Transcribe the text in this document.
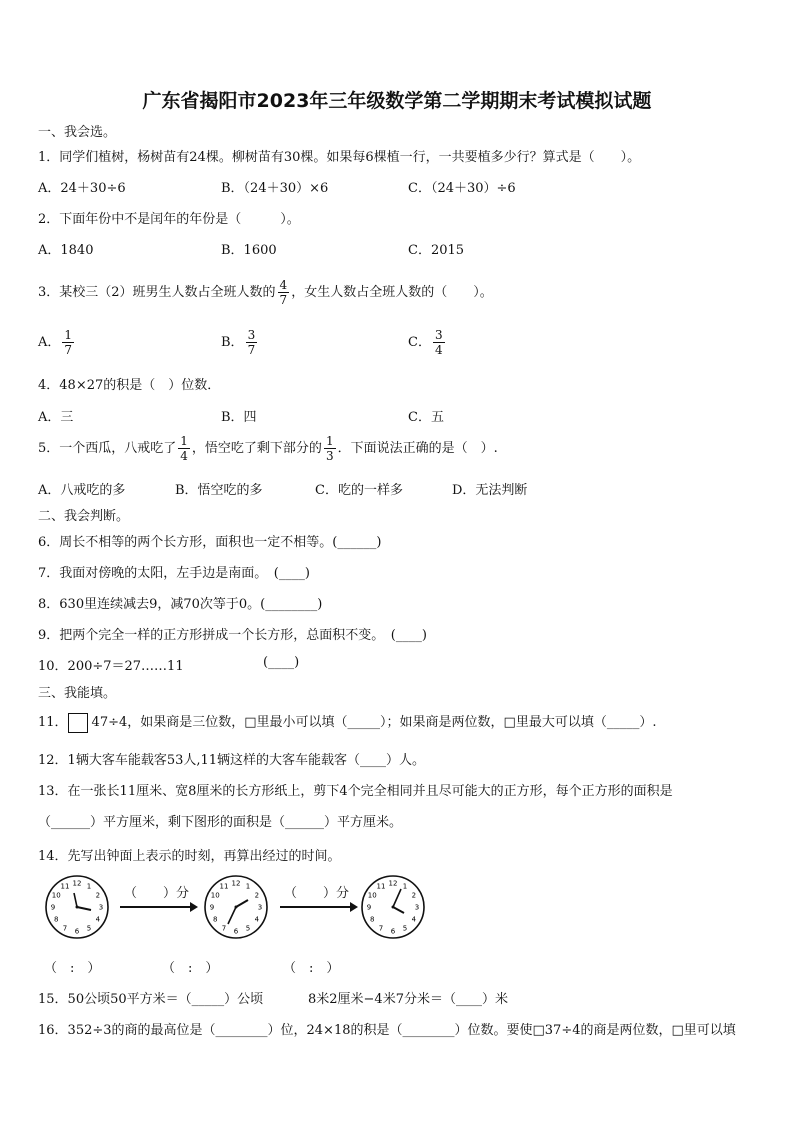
广东省揭阳市2023年三年级数学第二学期期末考试模拟试题
一、我会选。
1．同学们植树，杨树苗有24棵。柳树苗有30棵。如果每6棵植一行，一共要植多少行？算式是（　　）。
A．24＋30÷6	B．（24＋30）×6	C．（24＋30）÷6
2．下面年份中不是闰年的年份是（　　　）。
A．1840	B．1600	C．2015
3．某校三（2）班男生人数占全班人数的 $\frac{4}{7}$ ，女生人数占全班人数的（　　）。
A． $\frac{1}{7}$	B． $\frac{3}{7}$	C． $\frac{3}{4}$
4．48×27的积是（　）位数．
A．三	B．四	C．五
5．一个西瓜，八戒吃了 $\frac{1}{4}$ ，悟空吃了剩下部分的 $\frac{1}{3}$ ．下面说法正确的是（　）.
A．八戒吃的多	B．悟空吃的多	C．吃的一样多	D．无法判断
二、我会判断。
6．周长不相等的两个长方形，面积也一定不相等。(______)
7．我面对傍晚的太阳，左手边是南面。　(____)
8．630里连续减去9，减70次等于0。(________)
9．把两个完全一样的正方形拼成一个长方形，总面积不变。　(____)
10．200÷7＝27……11	(____)
三、我能填。
11． 47÷4，如果商是三位数，□里最小可以填（_____）；如果商是两位数，□里最大可以填（_____）.
12．1辆大客车能载客53人,11辆这样的大客车能载客（____）人。
13．在一张长11厘米、宽8厘米的长方形纸上，剪下4个完全相同并且尽可能大的正方形，每个正方形的面积是
（______）平方厘米，剩下图形的面积是（______）平方厘米。
14．先写出钟面上表示的时刻，再算出经过的时间。
12 1
2
3
4
5
6
7
8
9
10
11	（　　）分
12 1
2
3
4
5
6
7
8
9
10
11	（　　）分
12 1
2
3
4
5
6
7
8
9
10
11
（　:　）	（　:　）	（　:　）
15．50公顷50平方米＝（_____）公顷	8米2厘米−4米7分米＝（____）米
16．352÷3的商的最高位是（________）位，24×18的积是（________）位数。要使□37÷4的商是两位数，□里可以填
